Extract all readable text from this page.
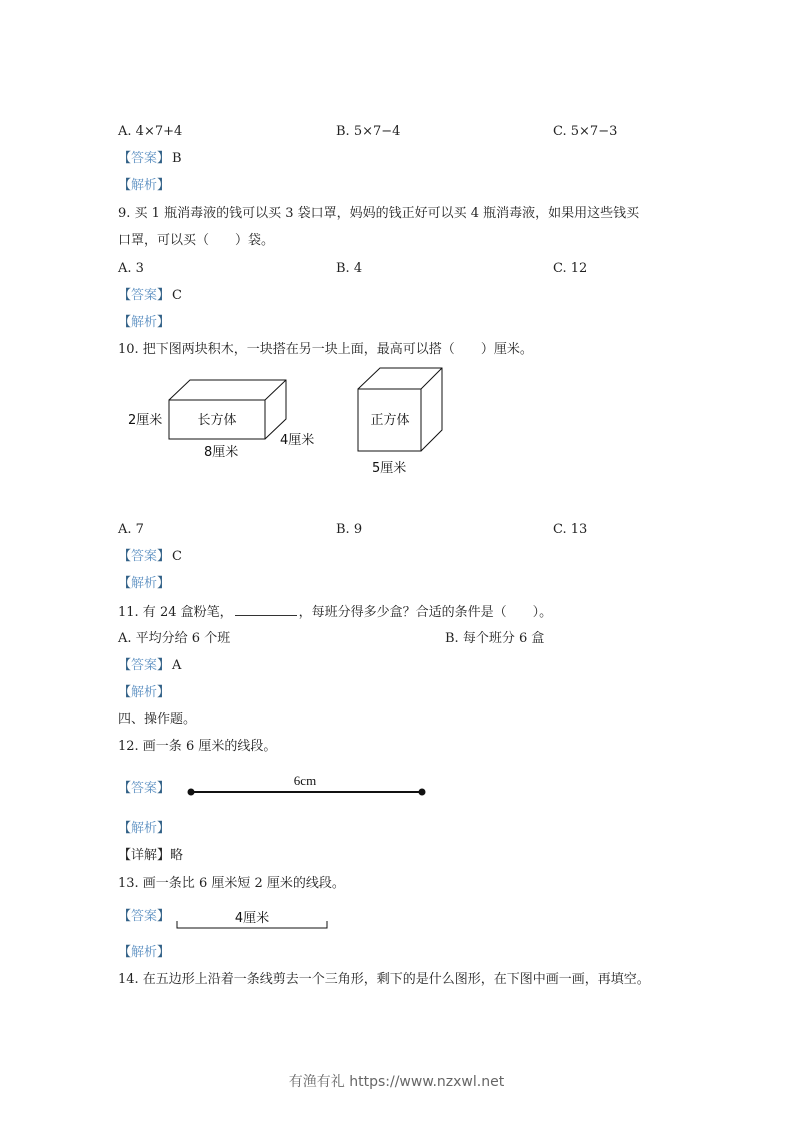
A. 4×7+4	B. 5×7−4	C. 5×7−3
【答案】 B
【解析】
9. 买 1 瓶消毒液的钱可以买 3 袋口罩，妈妈的钱正好可以买 4 瓶消毒液，如果用这些钱买
口罩，可以买（ ）袋。
A. 3	B. 4	C. 12
【答案】 C
【解析】
10. 把下图两块积木，一块搭在另一块上面，最高可以搭（ ）厘米。
长方体
2厘米
8厘米
4厘米
正方体
5厘米
6cm
4厘米
A. 7	B. 9	C. 13
【答案】 C
【解析】
11. 有 24 盒粉笔，	，每班分得多少盒？合适的条件是（ ）。
A. 平均分给 6 个班	B. 每个班分 6 盒
【答案】 A
【解析】
四、操作题。
12. 画一条 6 厘米的线段。
【答案】
【解析】
【详解】略
13. 画一条比 6 厘米短 2 厘米的线段。
【答案】
【解析】
14. 在五边形上沿着一条线剪去一个三角形，剩下的是什么图形，在下图中画一画，再填空。
有渔有礼 https://www.nzxwl.net
